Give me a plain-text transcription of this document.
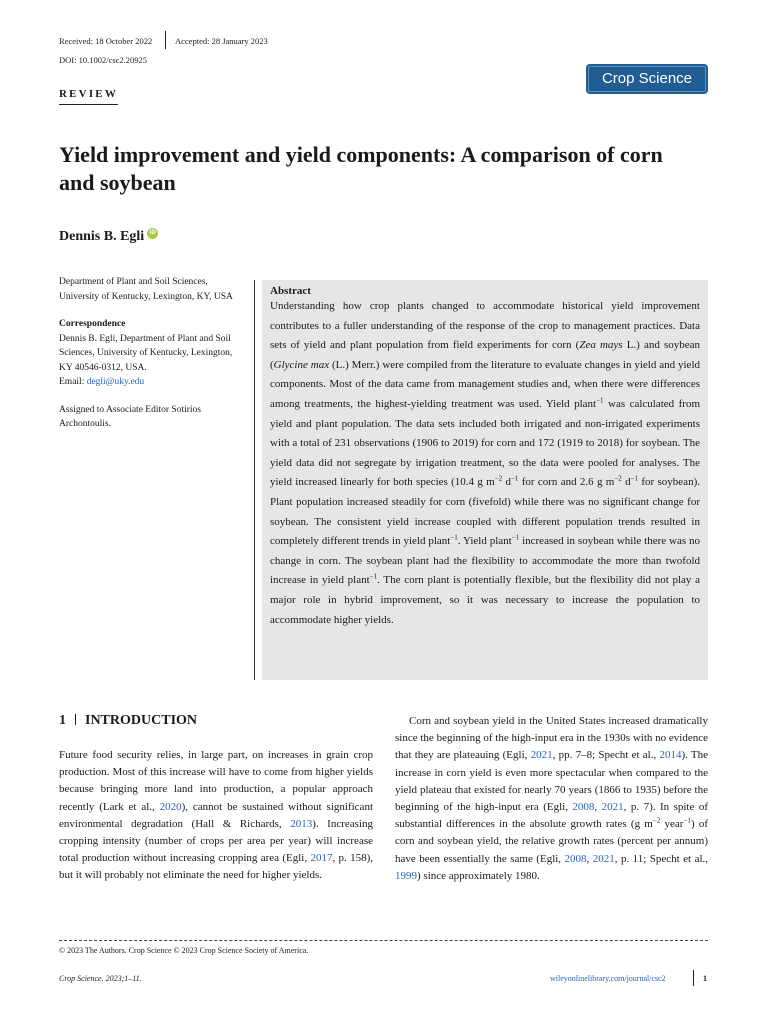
Received: 18 October 2022	Accepted: 28 January 2023
DOI: 10.1002/csc2.20925
Crop Science
REVIEW
Yield improvement and yield components: A comparison of corn
and soybean
Dennis B. EgliiD

Department of Plant and Soil Sciences, University of Kentucky, Lexington, KY, USA

Correspondence
Dennis B. Egli, Department of Plant and Soil Sciences, University of Kentucky, Lexington, KY 40546-0312, USA.

Email: degli@uky.edu

Assigned to Associate Editor Sotirios Archontoulis.

Abstract
Understanding how crop plants changed to accommodate historical yield improvement contributes to a fuller understanding of the response of the crop to management practices. Data sets of yield and plant population from field experiments for corn (Zea mays L.) and soybean (Glycine max (L.) Merr.) were compiled from the literature to evaluate changes in yield and yield components. Most of the data came from management studies and, when there were differences among treatments, the highest-yielding treatment was used. Yield plant$^{-1}$ was calculated from yield and plant population. The data sets included both irrigated and non-irrigated experiments with a total of 231 observations (1906 to 2019) for corn and 172 (1919 to 2018) for soybean. The yield data did not segregate by irrigation treatment, so the data were pooled for analyses. The yield increased linearly for both species (10.4 g $m^{-2}$ $d^{-1}$ for corn and 2.6 g $m^{-2}$ $d^{-1}$ for soybean). Plant population increased steadily for corn (fivefold) while there was no significant change for soybean. The consistent yield increase coupled with different population trends resulted in completely different trends in yield plant$^{-1}$. Yield plant$^{-1}$ increased in soybean while there was no change in corn. The soybean plant had the flexibility to accommodate the more than twofold increase in yield plant$^{-1}$. The corn plant is potentially flexible, but the flexibility did not play a major role in hybrid improvement, so it was necessary to increase the population to accommodate higher yields.
1 INTRODUCTION

Future food security relies, in large part, on increases in grain crop production. Most of this increase will have to come from higher yields because bringing more land into production, a popular approach recently (Lark et al., 2020), cannot be sustained without significant environmental degradation (Hall & Richards, 2013). Increasing cropping intensity (number of crops per area per year) will increase total production without increasing cropping area (Egli, 2017, p. 158), but it will probably not eliminate the need for higher yields.

Corn and soybean yield in the United States increased dramatically since the beginning of the high-input era in the 1930s with no evidence that they are plateauing (Egli, 2021, pp. 7–8; Specht et al., 2014). The increase in corn yield is even more spectacular when compared to the yield plateau that existed for nearly 70 years (1866 to 1935) before the beginning of the high-input era (Egli, 2008, 2021, p. 7). In spite of substantial differences in the absolute growth rates (g $m^{-2}$ year$^{-1}$) of corn and soybean yield, the relative growth rates (percent per annum) have been essentially the same (Egli, 2008, 2021, p. 11; Specht et al., 1999) since approximately 1980.

© 2023 The Authors. Crop Science © 2023 Crop Science Society of America.
Crop Science. 2023;1–11.	wileyonlinelibrary.com/journal/csc2	1
